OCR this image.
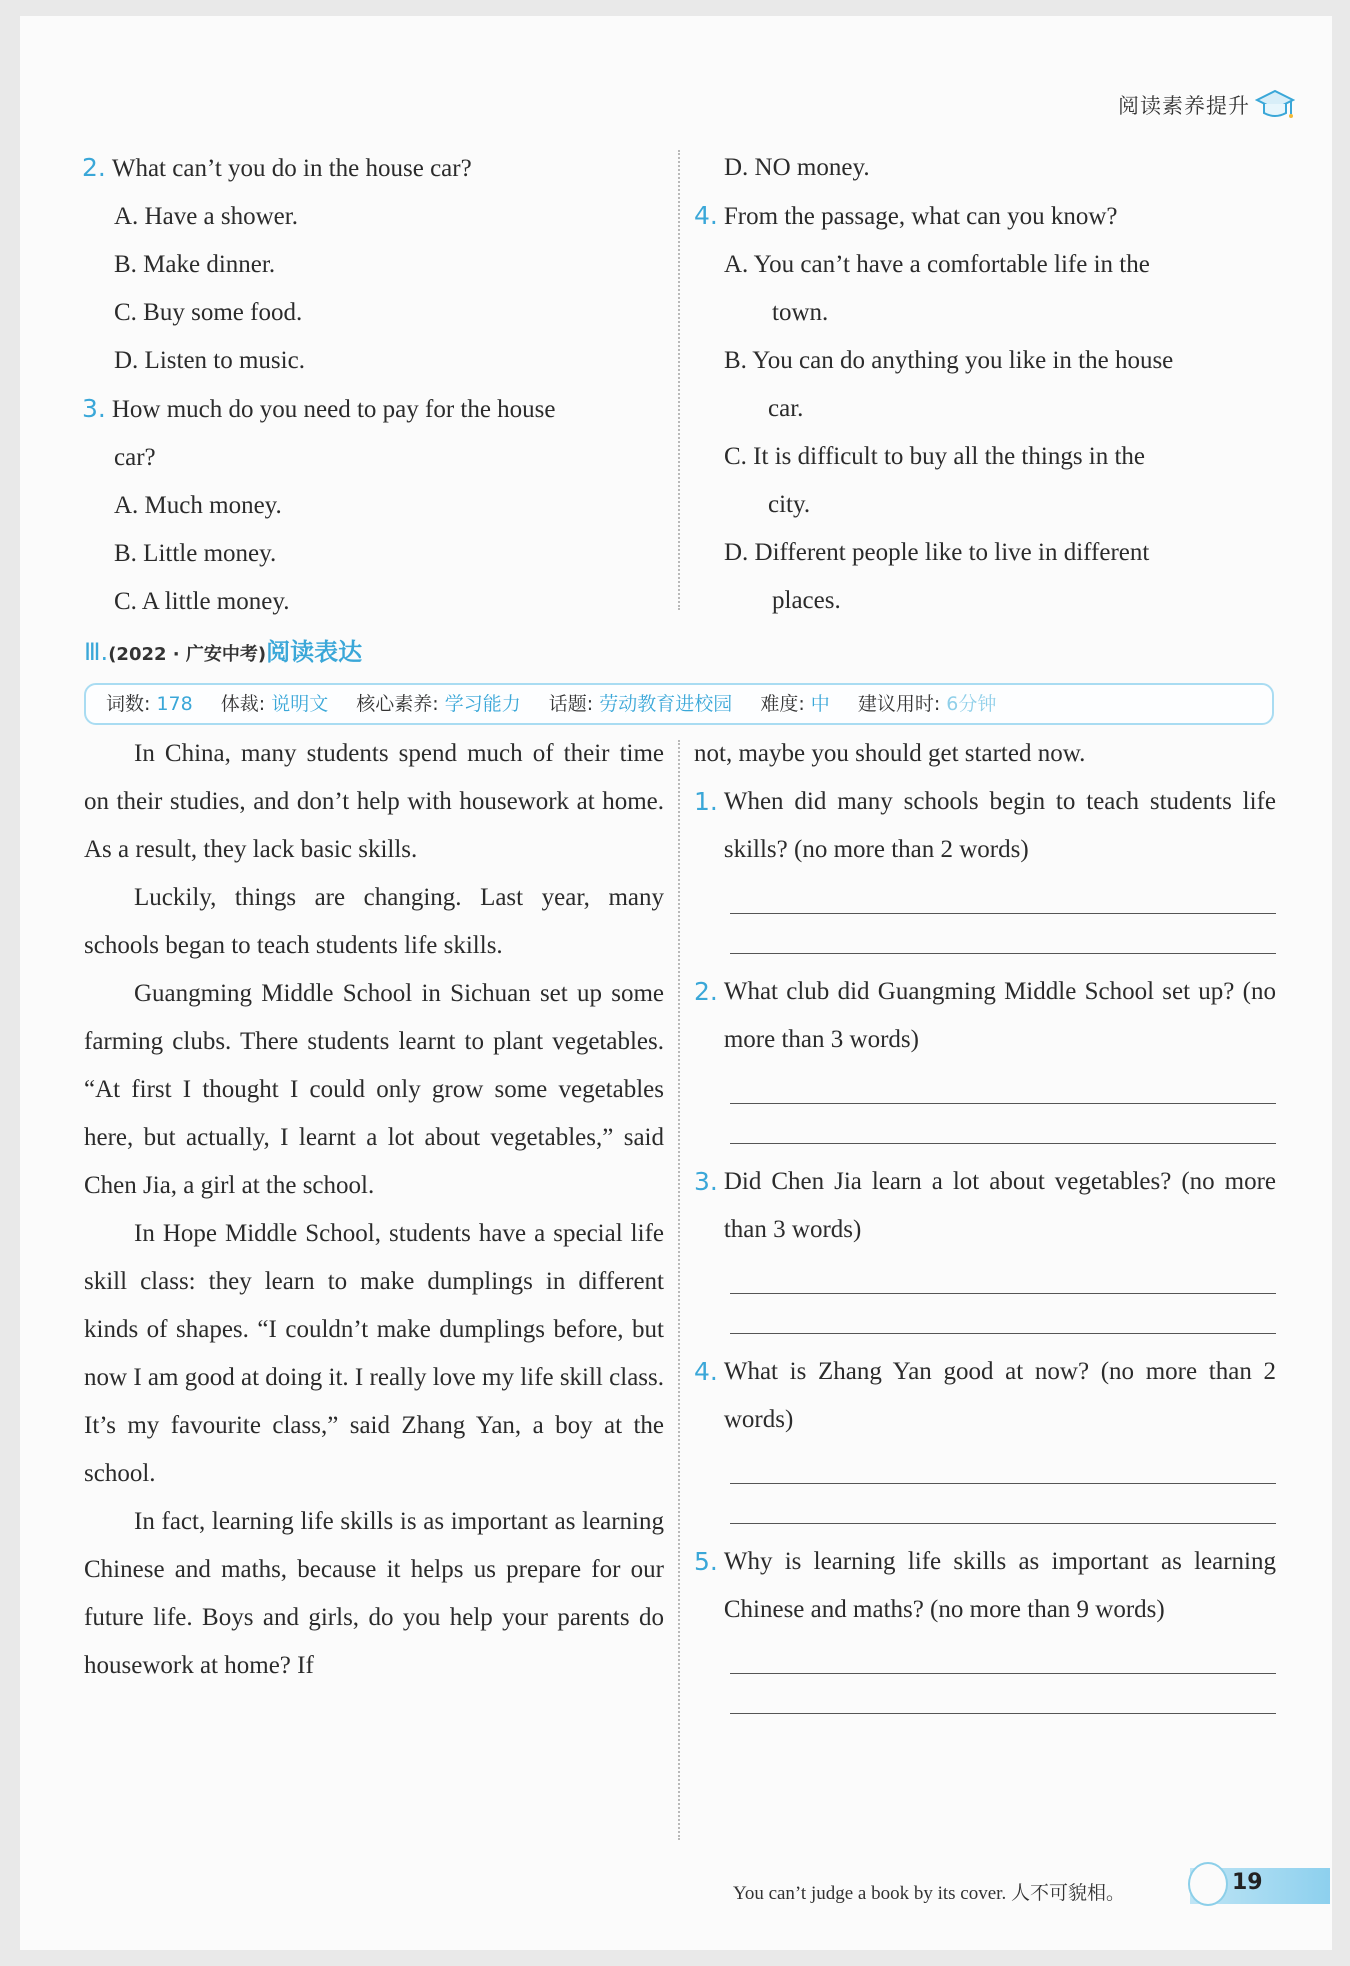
阅读素养提升
2. What can’t you do in the house car?
A. Have a shower.
B. Make dinner.
C. Buy some food.
D. Listen to music.
3. How much do you need to pay for the house
car?
A. Much money.
B. Little money.
C. A little money.
D. NO money.
4. From the passage, what can you know?
A. You can’t have a comfortable life in the
town.
B. You can do anything you like in the house
car.
C. It is difficult to buy all the things in the
city.
D. Different people like to live in different
places.
Ⅲ.(2022 · 广安中考)阅读表达
词数: 178 体裁: 说明文 核心素养: 学习能力 话题: 劳动教育进校园 难度: 中 建议用时: 6分钟

In China, many students spend much of their time on their studies, and don’t help with housework at home. As a result, they lack basic skills.

Luckily, things are changing. Last year, many schools began to teach students life skills.

Guangming Middle School in Sichuan set up some farming clubs. There students learnt to plant vegetables. “At first I thought I could only grow some vegetables here, but actually, I learnt a lot about vegetables,” said Chen Jia, a girl at the school.

In Hope Middle School, students have a special life skill class: they learn to make dumplings in different kinds of shapes. “I couldn’t make dumplings before, but now I am good at doing it. I really love my life skill class. It’s my favourite class,” said Zhang Yan, a boy at the school.

In fact, learning life skills is as important as learning Chinese and maths, because it helps us prepare for our future life. Boys and girls, do you help your parents do housework at home? If

not, maybe you should get started now.
1. When did many schools begin to teach students life skills? (no more than 2 words)
2. What club did Guangming Middle School set up? (no more than 3 words)
3. Did Chen Jia learn a lot about vegetables? (no more than 3 words)
4. What is Zhang Yan good at now? (no more than 2 words)
5. Why is learning life skills as important as learning Chinese and maths? (no more than 9 words)
You can’t judge a book by its cover. 人不可貌相。	19
